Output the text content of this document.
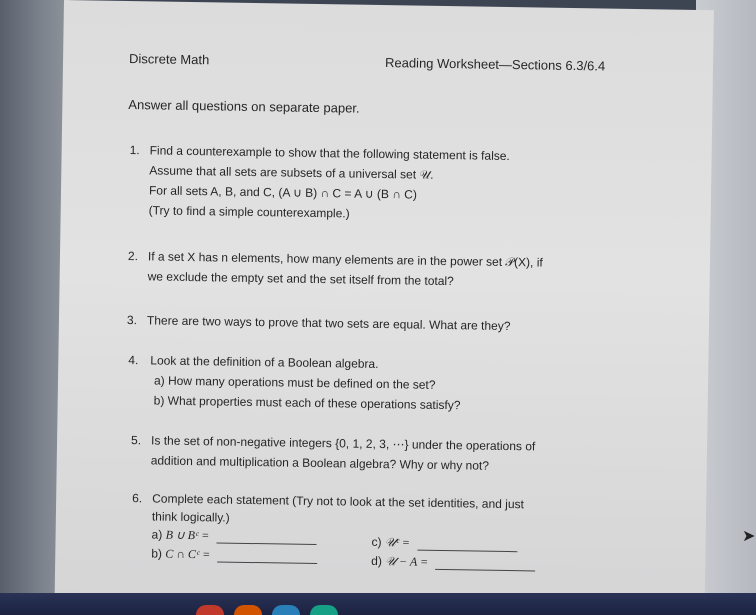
Discrete Math	Reading Worksheet—Sections 6.3/6.4
Answer all questions on separate paper.
1. Find a counterexample to show that the following statement is false.
Assume that all sets are subsets of a universal set 𝒰.
For all sets A, B, and C, (A ∪ B) ∩ C = A ∪ (B ∩ C)
(Try to find a simple counterexample.)
2. If a set X has n elements, how many elements are in the power set 𝒫(X), if
we exclude the empty set and the set itself from the total?
3. There are two ways to prove that two sets are equal. What are they?
4. Look at the definition of a Boolean algebra.
a) How many operations must be defined on the set?
b) What properties must each of these operations satisfy?
5. Is the set of non-negative integers {0, 1, 2, 3, ⋯} under the operations of
addition and multiplication a Boolean algebra? Why or why not?
6. Complete each statement (Try not to look at the set identities, and just
think logically.)
a) B ∪ Bᶜ =
b) C ∩ Cᶜ =
c) 𝒰ᶜ =
d) 𝒰 − A =
➤
